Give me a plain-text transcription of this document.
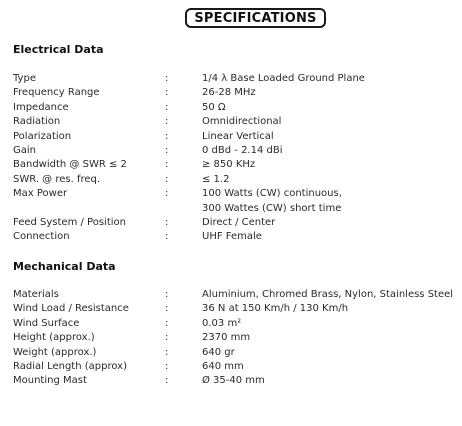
SPECIFICATIONS
Electrical Data
Type	:	1/4 λ Base Loaded Ground Plane
Frequency Range	:	26-28 MHz
Impedance	:	50 Ω
Radiation	:	Omnidirectional
Polarization	:	Linear Vertical
Gain	:	0 dBd - 2.14 dBi
Bandwidth @ SWR ≤ 2	:	≥ 850 KHz
SWR. @ res. freq.	:	≤ 1.2
Max Power	:	100 Watts (CW) continuous,
300 Wattes (CW) short time
Feed System / Position	:	Direct / Center
Connection	:	UHF Female
Mechanical Data
Materials	:	Aluminium, Chromed Brass, Nylon, Stainless Steel
Wind Load / Resistance	:	36 N at 150 Km/h / 130 Km/h
Wind Surface	:	0.03 m²
Height (approx.)	:	2370 mm
Weight (approx.)	:	640 gr
Radial Length (approx)	:	640 mm
Mounting Mast	:	Ø 35-40 mm
